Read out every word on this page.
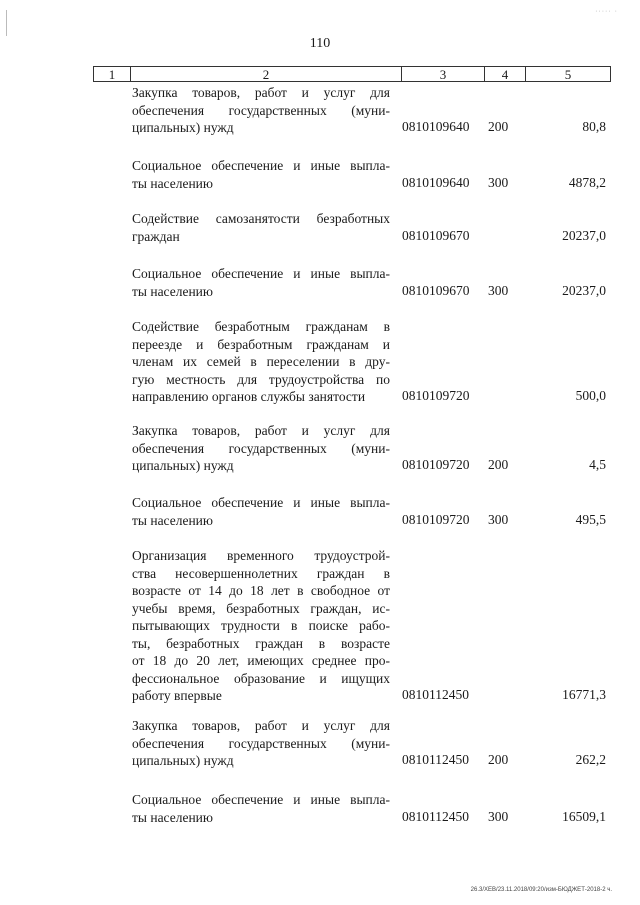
····· ·
110
1	2	3	4	5
Закупка товаров, работ и услуг для
обеспечения государственных (муни-
ципальных) нужд	0810109640 200	80,8
Социальное обеспечение и иные выпла-
ты населению	0810109640 300	4878,2
Содействие самозанятости безработных
граждан	0810109670	20237,0
Социальное обеспечение и иные выпла-
ты населению	0810109670 300	20237,0
Содействие безработным гражданам в
переезде и безработным гражданам и
членам их семей в переселении в дру-
гую местность для трудоустройства по
направлению органов службы занятости	0810109720	500,0
Закупка товаров, работ и услуг для
обеспечения государственных (муни-
ципальных) нужд	0810109720 200	4,5
Социальное обеспечение и иные выпла-
ты населению	0810109720 300	495,5
Организация временного трудоустрой-
ства несовершеннолетних граждан в
возрасте от 14 до 18 лет в свободное от
учебы время, безработных граждан, ис-
пытывающих трудности в поиске рабо-
ты, безработных граждан в возрасте
от 18 до 20 лет, имеющих среднее про-
фессиональное образование и ищущих
работу впервые	0810112450	16771,3
Закупка товаров, работ и услуг для
обеспечения государственных (муни-
ципальных) нужд	0810112450 200	262,2
Социальное обеспечение и иные выпла-
ты населению	0810112450 300	16509,1
26.3/ХЕВ/23.11.2018/09:20/изм-БЮДЖЕТ-2018-2 ч.
